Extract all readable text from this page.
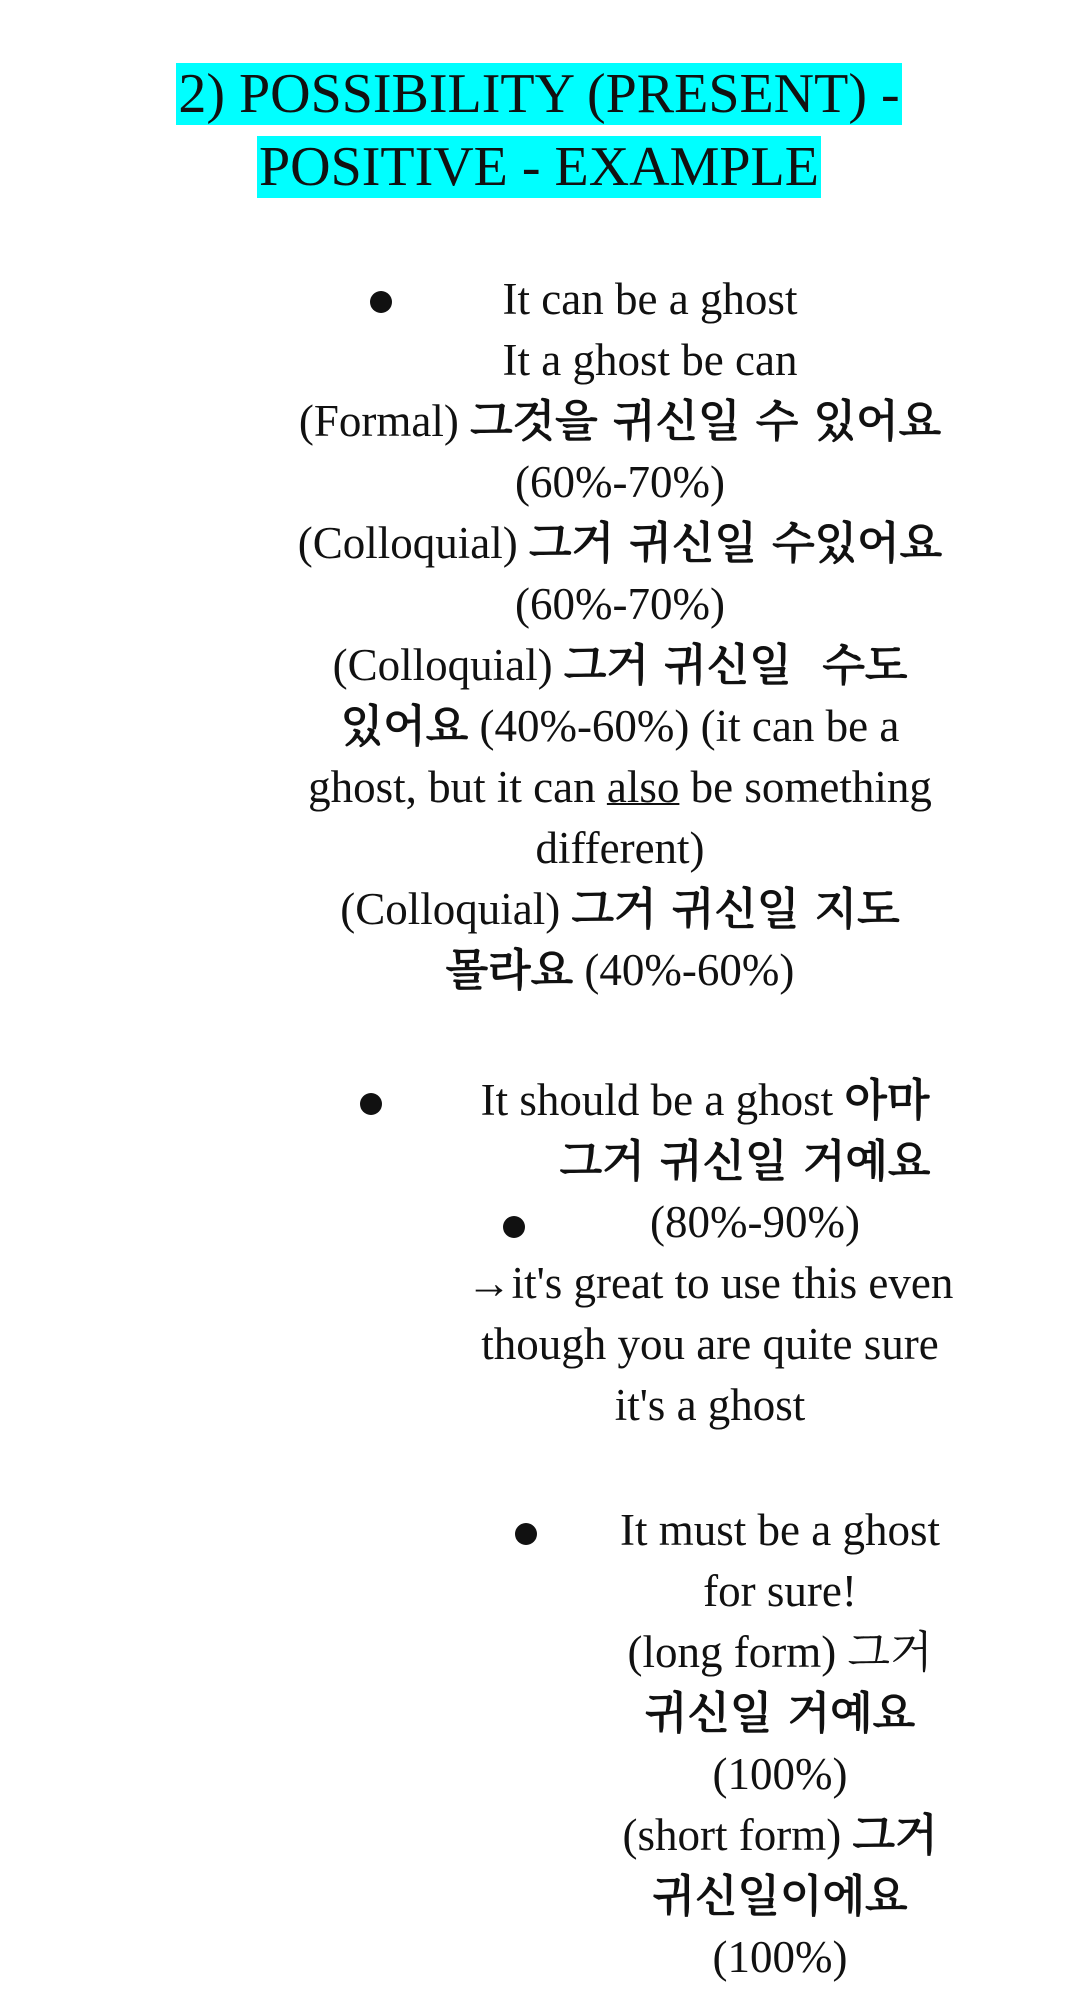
2) POSSIBILITY (PRESENT) -
POSITIVE - EXAMPLE
It can be a ghost
It a ghost be can
(Formal) 그것을 귀신일 수 있어요
(60%-70%)
(Colloquial) 그거 귀신일 수있어요
(60%-70%)
(Colloquial) 그거 귀신일  수도
있어요 (40%-60%) (it can be a
ghost, but it can also be something
different)
(Colloquial) 그거 귀신일 지도
몰라요 (40%-60%)
It should be a ghost 아마
그거 귀신일 거예요
(80%-90%)
→it's great to use this even
though you are quite sure
it's a ghost
It must be a ghost
for sure!
(long form) 그거
귀신일 거예요
(100%)
(short form) 그거
귀신일이에요
(100%)
